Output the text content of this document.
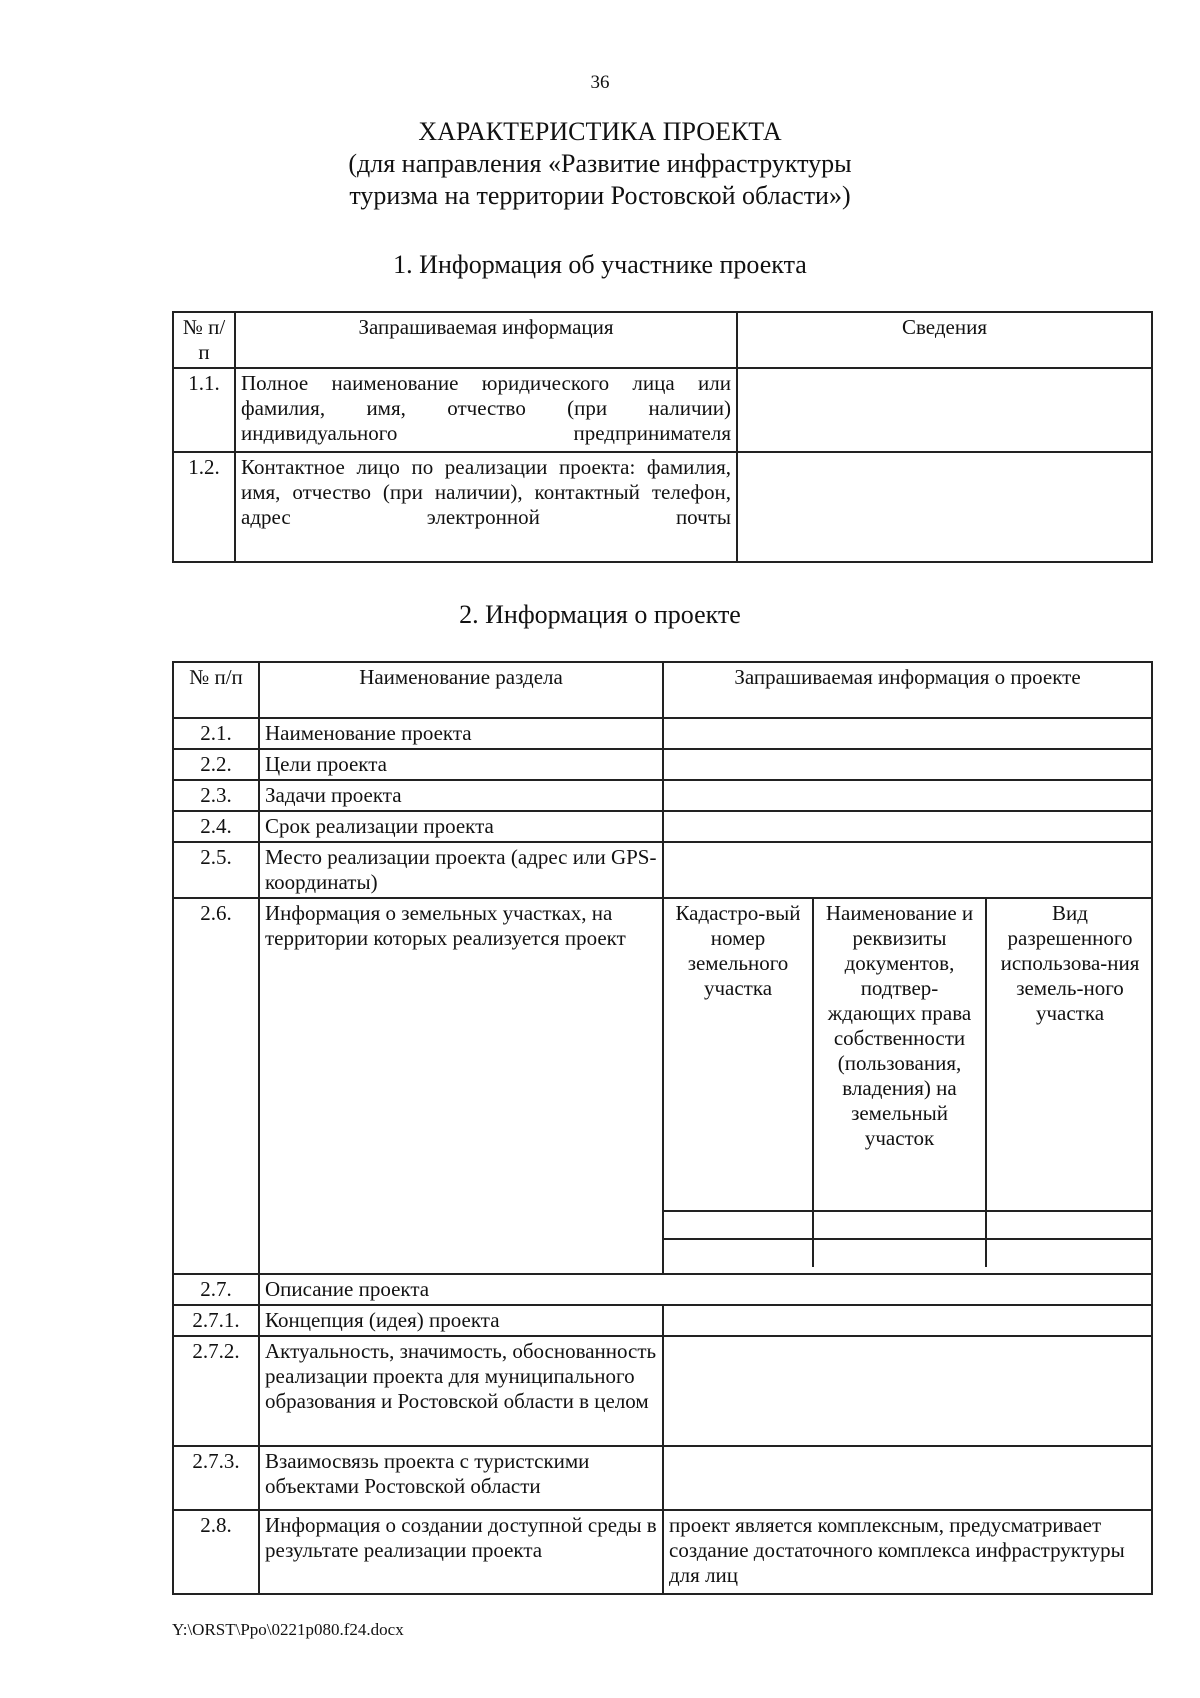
36
ХАРАКТЕРИСТИКА ПРОЕКТА
(для направления «Развитие инфраструктуры
туризма на территории Ростовской области»)
1. Информация об участнике проекта
№ п/п	Запрашиваемая информация	Сведения
1.1.	Полное наименование юридического лица или фамилия, имя, отчество (при наличии) индивидуального предпринимателя	
1.2.	Контактное лицо по реализации проекта: фамилия, имя, отчество (при наличии), контактный телефон, адрес электронной почты	
2. Информация о проекте
№ п/п	Наименование раздела	Запрашиваемая информация о проекте
2.1.	Наименование проекта	
2.2.	Цели проекта	
2.3.	Задачи проекта	
2.4.	Срок реализации проекта	
2.5.	Место реализации проекта (адрес или GPS-координаты)	
2.6.	Информация о земельных участках, на территории которых реализуется проект	
Кадастро-вый номер земельного участка	Наименование и реквизиты документов, подтвер-ждающих права собственности (пользования, владения) на земельный участок	Вид разрешенного использова-ния земель-ного участка

2.7.	Описание проекта
2.7.1.	Концепция (идея) проекта	
2.7.2.	Актуальность, значимость, обоснованность реализации проекта для муниципального образования и Ростовской области в целом	
2.7.3.	Взаимосвязь проекта с туристскими объектами Ростовской области	
2.8.	Информация о создании доступной среды в результате реализации проекта	проект является комплексным, предусматривает создание достаточного комплекса инфраструктуры для лиц
Y:\ORST\Ppo\0221p080.f24.docx
